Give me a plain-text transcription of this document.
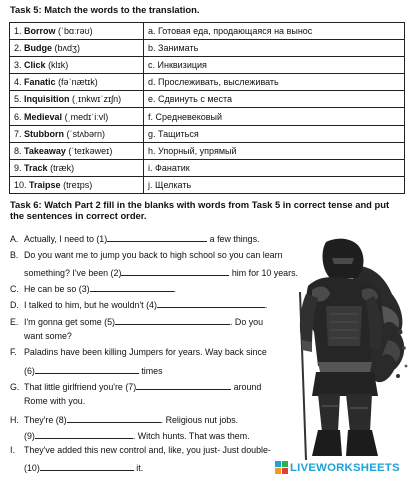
Task 5: Match the words to the translation.
1. Borrow (ˈbɑːrəʊ)	a. Готовая еда, продающаяся на вынос
2. Budge (bʌdʒ)	b. Занимать
3. Click (klɪk)	c. Инквизиция
4. Fanatic (fəˈnætɪk)	d. Прослеживать, выслеживать
5. Inquisition (ˌɪnkwɪˈzɪʃn)	e. Сдвинуть с места
6. Medieval (ˌmedɪˈiːvl)	f. Средневековый
7. Stubborn (ˈstʌbərn)	g. Тащиться
8. Takeaway (ˈteɪkəweɪ)	h. Упорный, упрямый
9. Track (træk)	i. Фанатик
10. Traipse (treɪps)	j. Щелкать
Task 6: Watch Part 2 fill in the blanks with words from Task 5 in correct tense and put the sentences in correct order.
A. Actually, I need to (1)	a few things.
B. Do you want me to jump you back to high school so you can learn
something? I've been (2)	him for 10 years.
C. He can be so (3)	.
D. I talked to him, but he wouldn't (4)	.
E. I'm gonna get some (5)	. Do you
want some?
F. Paladins have been killing Jumpers for years. Way back since
(6)	times
G. That little girlfriend you're (7)	around
Rome with you.
H. They're (8)	. Religious nut jobs.
(9)	. Witch hunts. That was them.
I. They've added this new control and, like, you just- Just double-
(10)	it.	LIVEWORKSHEETS
